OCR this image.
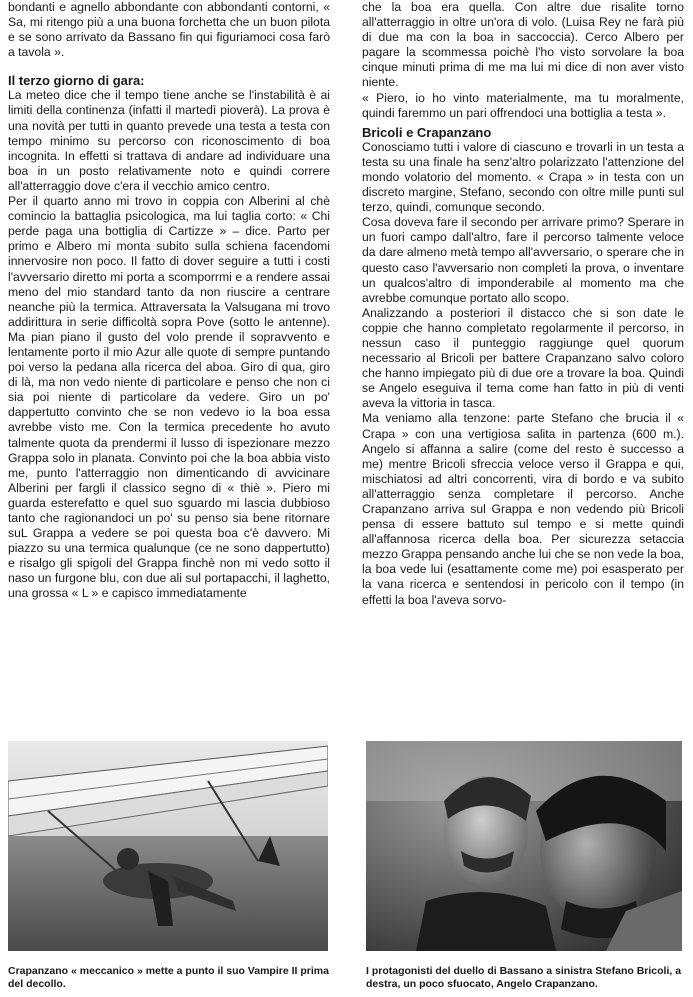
bondanti e agnello abbondante con abbondanti contorni, « Sa, mi ritengo più a una buona forchetta che un buon pilota e se sono arrivato da Bassano fin qui figuriamoci cosa farò a tavola ».

Il terzo giorno di gara:

La meteo dice che il tempo tiene anche se l'instabilità è ai limiti della continenza (infatti il martedì pioverà). La prova è una novità per tutti in quanto prevede una testa a testa con tempo minimo su percorso con riconoscimento di boa incognita. In effetti si trattava di andare ad individuare una boa in un posto relativamente noto e quindi correre all'atterraggio dove c'era il vecchio amico centro.

Per il quarto anno mi trovo in coppia con Alberini al chè comincio la battaglia psicologica, ma lui taglia corto: « Chi perde paga una bottiglia di Cartizze » – dice. Parto per primo e Albero mi monta subito sulla schiena facendomi innervosire non poco. Il fatto di dover seguire a tutti i costi l'avversario diretto mi porta a scomporrmi e a rendere assai meno del mio standard tanto da non riuscire a centrare neanche più la termica. Attraversata la Valsugana mi trovo addirittura in serie difficoltà sopra Pove (sotto le antenne). Ma pian piano il gusto del volo prende il sopravvento e lentamente porto il mio Azur alle quote di sempre puntando poi verso la pedana alla ricerca del aboa. Giro di qua, giro di là, ma non vedo niente di particolare e penso che non ci sia poi niente di particolare da vedere. Giro un po' dappertutto convinto che se non vedevo io la boa essa avrebbe visto me. Con la termica precedente ho avuto talmente quota da prendermi il lusso di ispezionare mezzo Grappa solo in planata. Convinto poi che la boa abbia visto me, punto l'atterraggio non dimenticando di avvicinare Alberini per fargli il classico segno di « thiè ». Piero mi guarda esterefatto e quel suo sguardo mi lascia dubbioso tanto che ragionandoci un po' su penso sia bene ritornare suL Grappa a vedere se poi questa boa c'è davvero. Mi piazzo su una termica qualunque (ce ne sono dappertutto) e risalgo gli spigoli del Grappa finchè non mi vedo sotto il naso un furgone blu, con due ali sul portapacchi, il laghetto, una grossa « L » e capisco immediatamente

che la boa era quella. Con altre due risalite torno all'atterraggio in oltre un'ora di volo. (Luisa Rey ne farà più di due ma con la boa in saccoccia). Cerco Albero per pagare la scommessa poichè l'ho visto sorvolare la boa cinque minuti prima di me ma lui mi dice di non aver visto niente.

« Piero, io ho vinto materialmente, ma tu moralmente, quindi faremmo un pari offrendoci una bottiglia a testa ».

Bricoli e Crapanzano

Conosciamo tutti i valore di ciascuno e trovarli in un testa a testa su una finale ha senz'altro polarizzato l'attenzione del mondo volatorio del momento. « Crapa » in testa con un discreto margine, Stefano, secondo con oltre mille punti sul terzo, quindi, comunque secondo.

Cosa doveva fare il secondo per arrivare primo? Sperare in un fuori campo dall'altro, fare il percorso talmente veloce da dare almeno metà tempo all'avversario, o sperare che in questo caso l'avversario non completi la prova, o inventare un qualcos'altro di imponderabile al momento ma che avrebbe comunque portato allo scopo.

Analizzando a posteriori il distacco che si son date le coppie che hanno completato regolarmente il percorso, in nessun caso il punteggio raggiunge quel quorum necessario al Bricoli per battere Crapanzano salvo coloro che hanno impiegato più di due ore a trovare la boa. Quindi se Angelo eseguiva il tema come han fatto in più di venti aveva la vittoria in tasca.

Ma veniamo alla tenzone: parte Stefano che brucia il « Crapa » con una vertigiosa salita in partenza (600 m.). Angelo si affanna a salire (come del resto è successo a me) mentre Bricoli sfreccia veloce verso il Grappa e qui, mischiatosi ad altri concorrenti, vira di bordo e va subito all'atterraggio senza completare il percorso. Anche Crapanzano arriva sul Grappa e non vedendo più Bricoli pensa di essere battuto sul tempo e si mette quindi all'affannosa ricerca della boa. Per sicurezza setaccia mezzo Grappa pensando anche lui che se non vede la boa, la boa vede lui (esattamente come me) poi esasperato per la vana ricerca e sentendosi in pericolo con il tempo (in effetti la boa l'aveva sorvo-

Crapanzano « meccanico » mette a punto il suo Vampire II prima del decollo.
I protagonisti del duello di Bassano a sinistra Stefano Bricoli, a destra, un poco sfuocato, Angelo Crapanzano.
